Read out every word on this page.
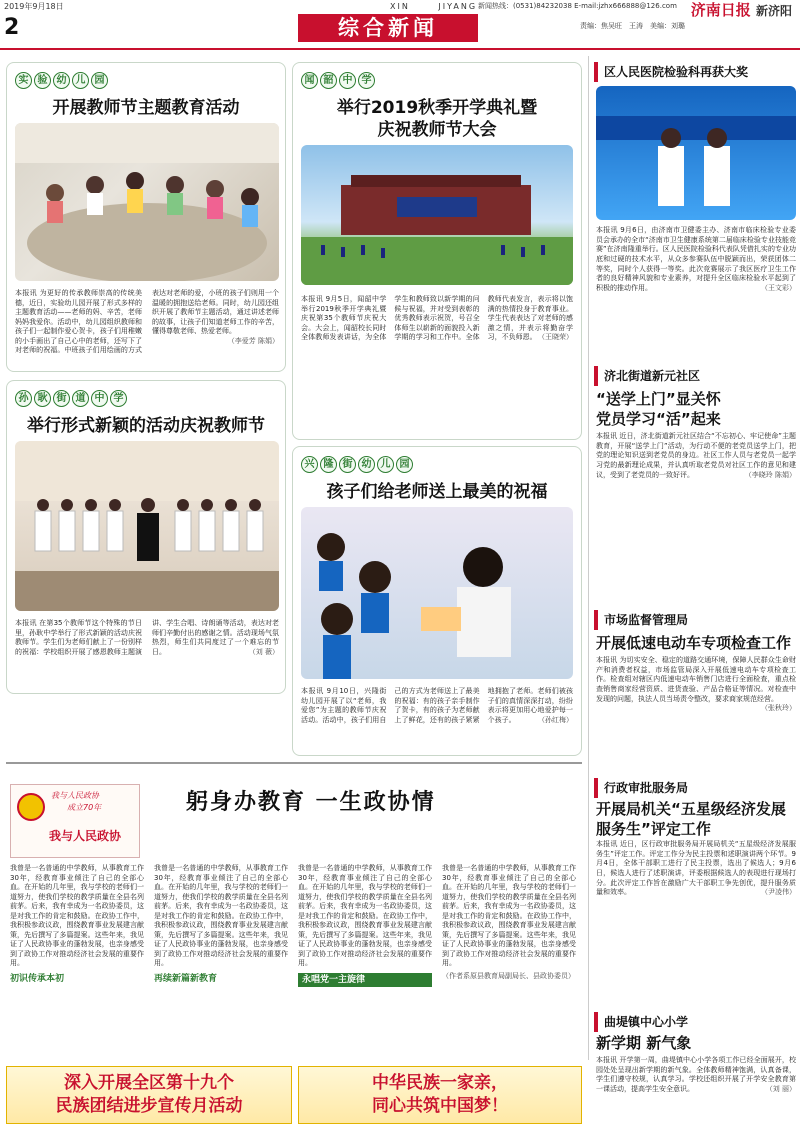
2019年9月18日	XIN	JIYANG 新闻热线：(0531)84232038 E-mail:jzhx666888@126.com 济南日报 新济阳
2	综合新闻	责编：焦吴旺　王涛　美编：刘璐
实 验 幼 儿 园
开展教师节主题教育活动
本报讯 为更好的传承教师崇高的传统美德，近日，实验幼儿园开展了形式多样的主题教育活动——老师的妈、辛苦，老师妈妈我爱你。活动中，幼儿园组织教师和孩子们一起制作爱心贺卡，孩子们用稚嫩的小手画出了自己心中的老师，还写下了对老师的祝福。中班孩子们用绘画的方式表达对老师的爱，小班的孩子们则用一个温暖的拥抱送给老师。同时，幼儿园还组织开展了教师节主题活动，通过讲述老师的故事，让孩子们知道老师工作的辛苦，懂得尊敬老师、热爱老师。
（李爱芳 陈娟）
闻 韶 中 学
举行2019秋季开学典礼暨
庆祝教师节大会
本报讯 9月5日，闻韶中学举行2019秋季开学典礼暨庆祝第35个教师节庆祝大会。大会上，闻韶校长同时全体教师发表讲话，为全体学生和教师致以新学期的问候与祝福，并对受到表彰的优秀教师表示祝贺，号召全体师生以崭新的面貌投入新学期的学习和工作中。全体教师代表发言，表示将以饱满的热情投身于教育事业。学生代表表达了对老师的感激之情，并表示将勤奋学习，不负师恩。 （王晓荣）
孙 耿 街 道 中 学
举行形式新颖的活动庆祝教师节
本报讯 在第35个教师节这个特殊的节日里，孙耿中学举行了形式新颖的活动庆祝教师节。学生们为老师们献上了一份别样的祝福：学校组织开展了感恩教师主题演讲、学生合唱、诗朗诵等活动，表达对老师们辛勤付出的感谢之情。活动现场气氛热烈，师生们共同度过了一个难忘的节日。	（刘 薇）
兴 隆 街 幼 儿 园
孩子们给老师送上最美的祝福
本报讯 9月10日，兴隆街幼儿园开展了以“老师，我爱您”为主题的教师节庆祝活动。活动中，孩子们用自己的方式为老师送上了最美的祝福：有的孩子亲手制作了贺卡，有的孩子为老师献上了鲜花，还有的孩子紧紧地拥抱了老师。老师们被孩子们的真情深深打动，纷纷表示将更加用心地爱护每一个孩子。	（孙红梅）
我与人民政协
成立70年
我与人民政协
躬身办教育 一生政协情
我曾是一名普通的中学教师，从事教育工作30年，经教育事业倾注了自己的全部心血。在开始的几年里，我与学校的老师们一道努力，使我们学校的教学质量在全县名列前茅。后来，我有幸成为一名政协委员，这是对我工作的肯定和鼓励。在政协工作中，我积极参政议政，围绕教育事业发展建言献策，先后撰写了多篇提案。这些年来，我见证了人民政协事业的蓬勃发展，也亲身感受到了政协工作对推动经济社会发展的重要作用。
初识传承本初
我曾是一名普通的中学教师，从事教育工作30年，经教育事业倾注了自己的全部心血。在开始的几年里，我与学校的老师们一道努力，使我们学校的教学质量在全县名列前茅。后来，我有幸成为一名政协委员，这是对我工作的肯定和鼓励。在政协工作中，我积极参政议政，围绕教育事业发展建言献策，先后撰写了多篇提案。这些年来，我见证了人民政协事业的蓬勃发展，也亲身感受到了政协工作对推动经济社会发展的重要作用。
再续新篇新教育
我曾是一名普通的中学教师，从事教育工作30年，经教育事业倾注了自己的全部心血。在开始的几年里，我与学校的老师们一道努力，使我们学校的教学质量在全县名列前茅。后来，我有幸成为一名政协委员，这是对我工作的肯定和鼓励。在政协工作中，我积极参政议政，围绕教育事业发展建言献策，先后撰写了多篇提案。这些年来，我见证了人民政协事业的蓬勃发展，也亲身感受到了政协工作对推动经济社会发展的重要作用。
永唱党一主旋律
我曾是一名普通的中学教师，从事教育工作30年，经教育事业倾注了自己的全部心血。在开始的几年里，我与学校的老师们一道努力，使我们学校的教学质量在全县名列前茅。后来，我有幸成为一名政协委员，这是对我工作的肯定和鼓励。在政协工作中，我积极参政议政，围绕教育事业发展建言献策，先后撰写了多篇提案。这些年来，我见证了人民政协事业的蓬勃发展，也亲身感受到了政协工作对推动经济社会发展的重要作用。
（作者系原县教育局副局长、县政协委员）
区人民医院检验科再获大奖
本报讯 9月6日，由济南市卫健委主办、济南市临床检验专业委员会承办的全市“济南市卫生健康系统第二届临床检验专业技能竞赛”在济南隆重举行。区人民医院检验科代表队凭借扎实的专业功底和过硬的技术水平，从众多参赛队伍中脱颖而出，荣获团体二等奖，同时个人获得一等奖。此次竞赛展示了我区医疗卫生工作者的良好精神风貌和专业素养，对提升全区临床检验水平起到了积极的推动作用。	（王文彩）
济北街道新元社区
“送学上门”显关怀
党员学习“活”起来
本报讯 近日，济北街道新元社区结合“不忘初心、牢记使命”主题教育，开展“送学上门”活动，为行动不便的老党员送学上门，把党的理论知识送到老党员的身边。社区工作人员与老党员一起学习党的最新理论成果，并认真听取老党员对社区工作的意见和建议，受到了老党员的一致好评。	（李晓玲 陈娟）
市场监督管理局
开展低速电动车专项检查工作
本报讯 为切实安全、稳定的道路交通环境，保障人民群众生命财产和消费者权益，市场监管局深入开展低速电动车专项检查工作。检查组对辖区内低速电动车销售门店进行全面检查，重点检查销售商家经营资质、进货查验、产品合格证等情况。对检查中发现的问题，执法人员当场责令整改，要求商家规范经营。
（张秋玲）
行政审批服务局
开展局机关“五星级经济发展
服务生”评定工作
本报讯 近日，区行政审批服务局开展局机关“五星级经济发展服务生”评定工作。评定工作分为民主投票和述职演讲两个环节。9月4日，全体干部职工进行了民主投票，选出了候选人；9月6日，候选人进行了述职演讲，评委根据候选人的表现进行现场打分。此次评定工作旨在激励广大干部职工争先创优，提升服务质量和效率。	（尹凌伟）
曲堤镇中心小学
新学期 新气象
本报讯 开学第一周，曲堤镇中心小学各项工作已经全面展开，校园处处呈现出新学期的新气象。全体教师精神饱满，认真备课，学生们遵守校规，认真学习。学校还组织开展了开学安全教育第一课活动，提高学生安全意识。	（刘 丽）
深入开展全区第十九个
民族团结进步宣传月活动
中华民族一家亲，
同心共筑中国梦！
